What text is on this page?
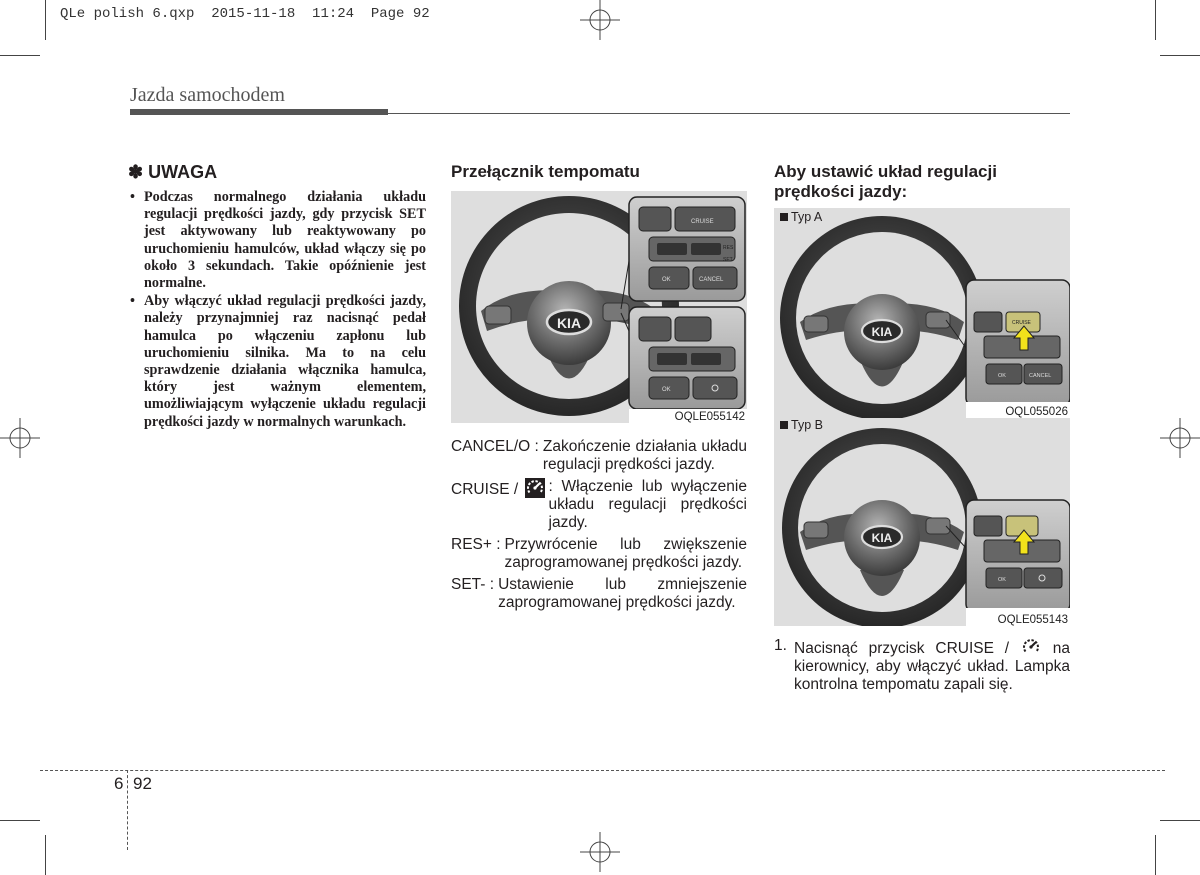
QLe polish 6.qxp  2015-11-18  11:24  Page 92
Jazda samochodem
✽ UWAGA
• Podczas normalnego działania układu regulacji prędkości jazdy, gdy przycisk SET jest aktywowany lub reaktywowany po uruchomieniu hamulców, układ włączy się po około 3 sekundach. Takie opóźnienie jest normalne.
• Aby włączyć układ regulacji prędkości jazdy, należy przynajmniej raz nacisnąć pedał hamulca po włączeniu zapłonu lub uruchomieniu silnika. Ma to na celu sprawdzenie działania włącznika hamulca, który jest ważnym elementem, umożliwiającym wyłączenie układu regulacji prędkości jazdy w normalnych warunkach.
Przełącznik tempomatu
KIA
CRUISE
RES
SET
OK	CANCEL
OK
OQLE055142
CANCEL/O : Zakończenie działania układu regulacji prędkości jazdy.
CRUISE /	: Włączenie lub wyłączenie układu regulacji prędkości jazdy.
RES+ : Przywrócenie lub zwiększenie zaprogramowanej prędkości jazdy.
SET- : Ustawienie lub zmniejszenie zaprogramowanej prędkości jazdy.
Aby ustawić układ regulacji prędkości jazdy:
Typ A
KIA
CRUISE
OK	CANCEL
OQL055026
Typ B
KIA
OK
OQLE055143
1. Nacisnąć przycisk CRUISE /	na kierownicy, aby włączyć układ. Lampka kontrolna tempomatu zapali się.
6 92
